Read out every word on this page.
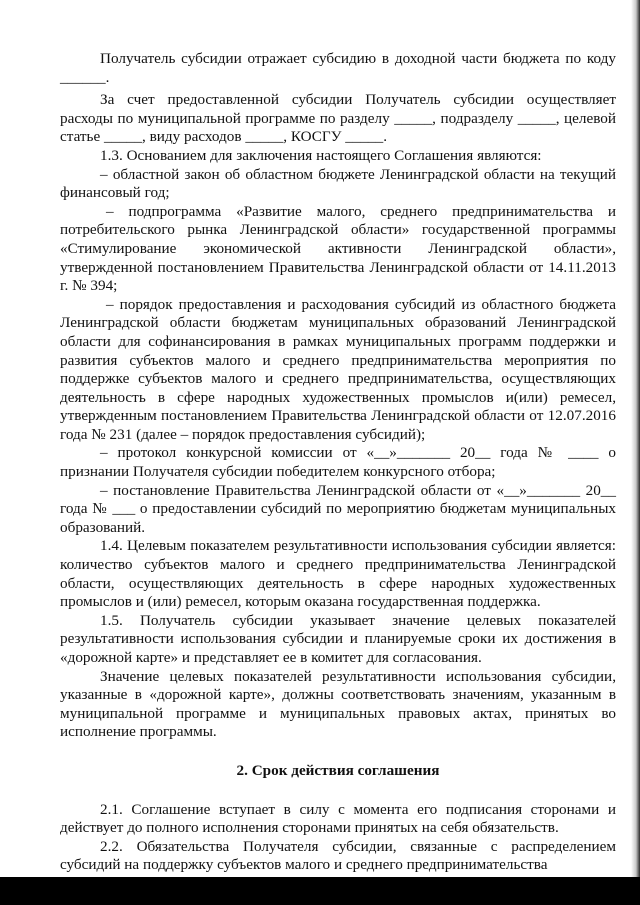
Получатель субсидии отражает субсидию в доходной части бюджета по коду ______.

За счет предоставленной субсидии Получатель субсидии осуществляет расходы по муниципальной программе по разделу _____, подразделу _____, целевой статье _____, виду расходов _____, КОСГУ _____.

1.3. Основанием для заключения настоящего Соглашения являются:

– областной закон об областном бюджете Ленинградской области на текущий финансовый год;

– подпрограмма «Развитие малого, среднего предпринимательства и потребительского рынка Ленинградской области» государственной программы «Стимулирование экономической активности Ленинградской области», утвержденной постановлением Правительства Ленинградской области от 14.11.2013 г. № 394;

– порядок предоставления и расходования субсидий из областного бюджета Ленинградской области бюджетам муниципальных образований Ленинградской области для софинансирования в рамках муниципальных программ поддержки и развития субъектов малого и среднего предпринимательства мероприятия по поддержке субъектов малого и среднего предпринимательства, осуществляющих деятельность в сфере народных художественных промыслов и(или) ремесел, утвержденным постановлением Правительства Ленинградской области от 12.07.2016 года № 231 (далее – порядок предоставления субсидий);

– протокол конкурсной комиссии от «__»_______ 20__ года № ____ о признании Получателя субсидии победителем конкурсного отбора;

– постановление Правительства Ленинградской области от «__»_______ 20__ года № ___ о предоставлении субсидий по мероприятию бюджетам муниципальных образований.

1.4. Целевым показателем результативности использования субсидии является: количество субъектов малого и среднего предпринимательства Ленинградской области, осуществляющих деятельность в сфере народных художественных промыслов и (или) ремесел, которым оказана государственная поддержка.

1.5. Получатель субсидии указывает значение целевых показателей результативности использования субсидии и планируемые сроки их достижения в «дорожной карте» и представляет ее в комитет для согласования.

Значение целевых показателей результативности использования субсидии, указанные в «дорожной карте», должны соответствовать значениям, указанным в муниципальной программе и муниципальных правовых актах, принятых во исполнение программы.

2. Срок действия соглашения

2.1. Соглашение вступает в силу с момента его подписания сторонами и действует до полного исполнения сторонами принятых на себя обязательств.

2.2. Обязательства Получателя субсидии, связанные с распределением субсидий на поддержку субъектов малого и среднего предпринимательства
